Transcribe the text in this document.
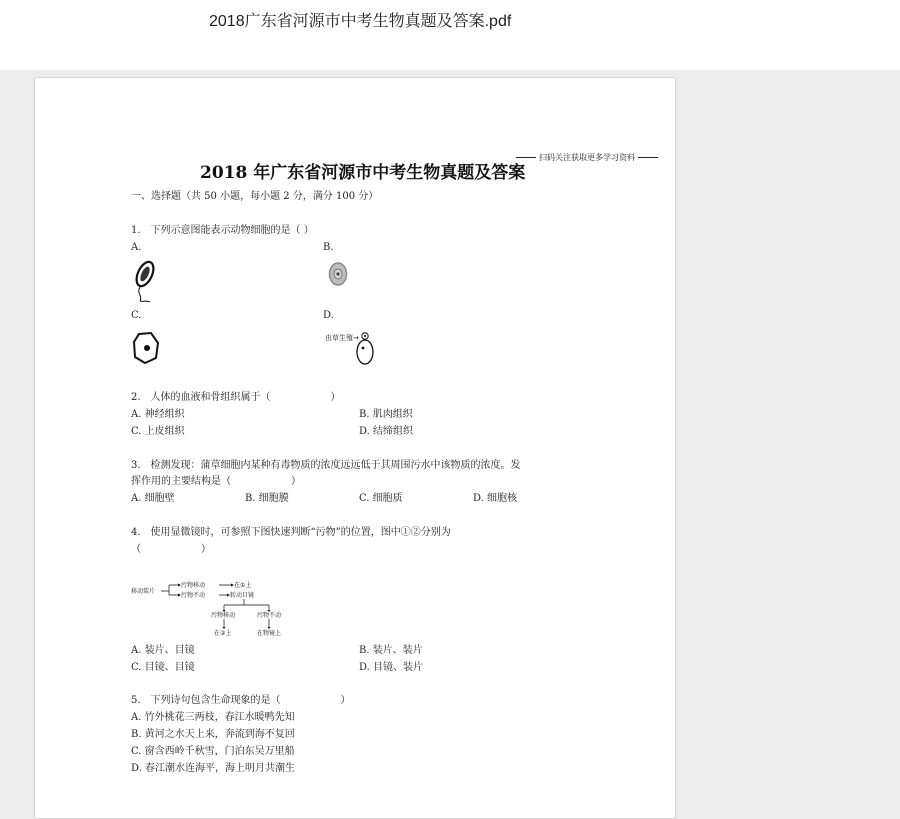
2018广东省河源市中考生物真题及答案.pdf
扫码关注获取更多学习资料
2018 年广东省河源市中考生物真题及答案
一、选择题（共 50 小题，每小题 2 分，满分 100 分）
1.　下列示意图能表示动物细胞的是（ ）
A.	B.
C.	D.
由草生殖→
2.　人体的血液和骨组织属于（　　　　　　）
A. 神经组织	B. 肌肉组织
C. 上皮组织	D. 结缔组织
3.　检测发现：蒲草细胞内某种有毒物质的浓度远远低于其周围污水中该物质的浓度。发
挥作用的主要结构是（　　　　　　）
A. 细胞壁	B. 细胞膜	C. 细胞质	D. 细胞核
4.　使用显微镜时，可参照下图快速判断“污物”的位置，图中①②分别为
（　　　　　　）
移动装片
污物移动
污物不动
在①上
转动目镜
污物移动	污物不动
在②上	在物镜上
A. 装片、目镜	B. 装片、装片
C. 目镜、目镜	D. 目镜、装片
5.　下列诗句包含生命现象的是（　　　　　　）
A. 竹外桃花三两枝，春江水暖鸭先知
B. 黄河之水天上来，奔流到海不复回
C. 窗含西岭千秋雪，门泊东吴万里船
D. 春江潮水连海平，海上明月共潮生
